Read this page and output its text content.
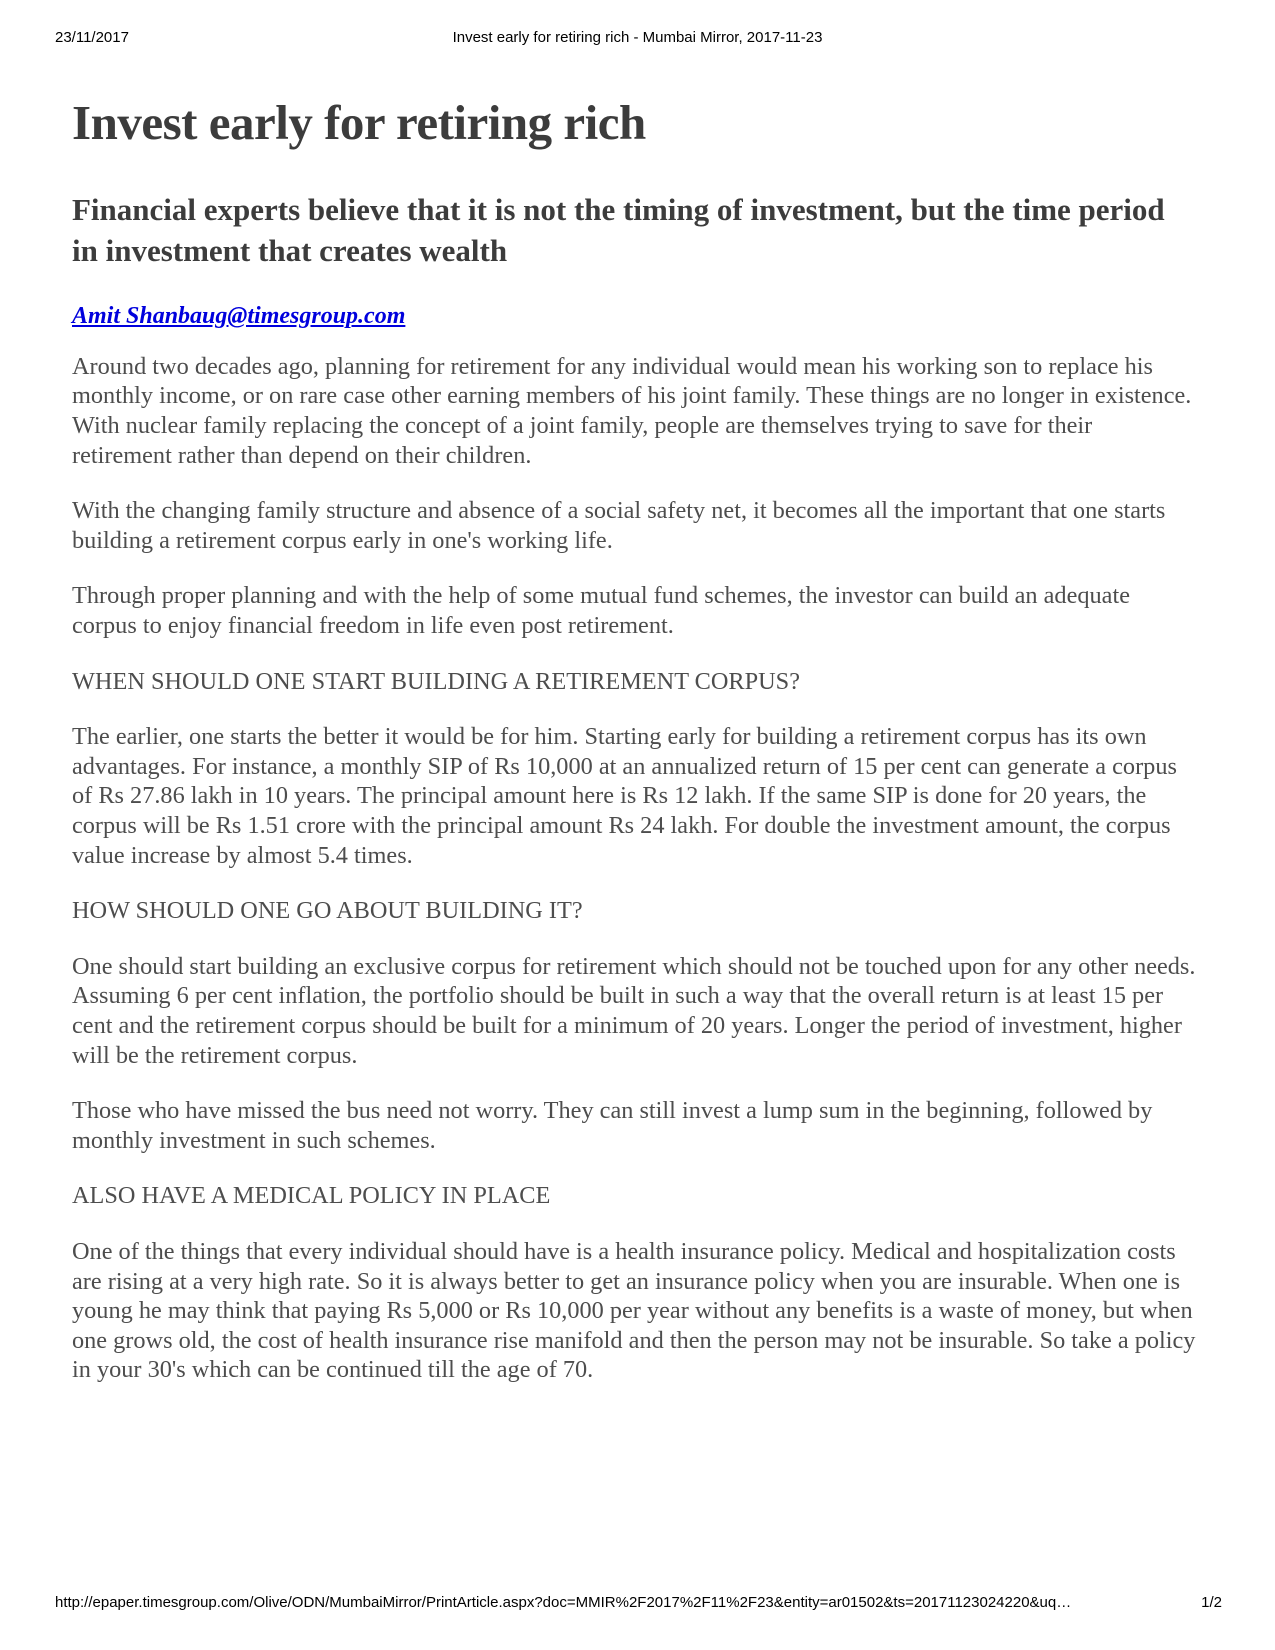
23/11/2017	Invest early for retiring rich - Mumbai Mirror, 2017-11-23
Invest early for retiring rich
Financial experts believe that it is not the timing of investment, but the time period in investment that creates wealth
Amit Shanbaug@timesgroup.com

Around two decades ago, planning for retirement for any individual would mean his working son to replace his monthly income, or on rare case other earning members of his joint family. These things are no longer in existence. With nuclear family replacing the concept of a joint family, people are themselves trying to save for their retirement rather than depend on their children.

With the changing family structure and absence of a social safety net, it becomes all the important that one starts building a retirement corpus early in one's working life.

Through proper planning and with the help of some mutual fund schemes, the investor can build an adequate corpus to enjoy financial freedom in life even post retirement.

WHEN SHOULD ONE START BUILDING A RETIREMENT CORPUS?

The earlier, one starts the better it would be for him. Starting early for building a retirement corpus has its own advantages. For instance, a monthly SIP of Rs 10,000 at an annualized return of 15 per cent can generate a corpus of Rs 27.86 lakh in 10 years. The principal amount here is Rs 12 lakh. If the same SIP is done for 20 years, the corpus will be Rs 1.51 crore with the principal amount Rs 24 lakh. For double the investment amount, the corpus value increase by almost 5.4 times.

HOW SHOULD ONE GO ABOUT BUILDING IT?

One should start building an exclusive corpus for retirement which should not be touched upon for any other needs. Assuming 6 per cent inflation, the portfolio should be built in such a way that the overall return is at least 15 per cent and the retirement corpus should be built for a minimum of 20 years. Longer the period of investment, higher will be the retirement corpus.

Those who have missed the bus need not worry. They can still invest a lump sum in the beginning, followed by monthly investment in such schemes.

ALSO HAVE A MEDICAL POLICY IN PLACE

One of the things that every individual should have is a health insurance policy. Medical and hospitalization costs are rising at a very high rate. So it is always better to get an insurance policy when you are insurable. When one is young he may think that paying Rs 5,000 or Rs 10,000 per year without any benefits is a waste of money, but when one grows old, the cost of health insurance rise manifold and then the person may not be insurable. So take a policy in your 30's which can be continued till the age of 70.

http://epaper.timesgroup.com/Olive/ODN/MumbaiMirror/PrintArticle.aspx?doc=MMIR%2F2017%2F11%2F23&entity=ar01502&ts=20171123024220&uq…	1/2
